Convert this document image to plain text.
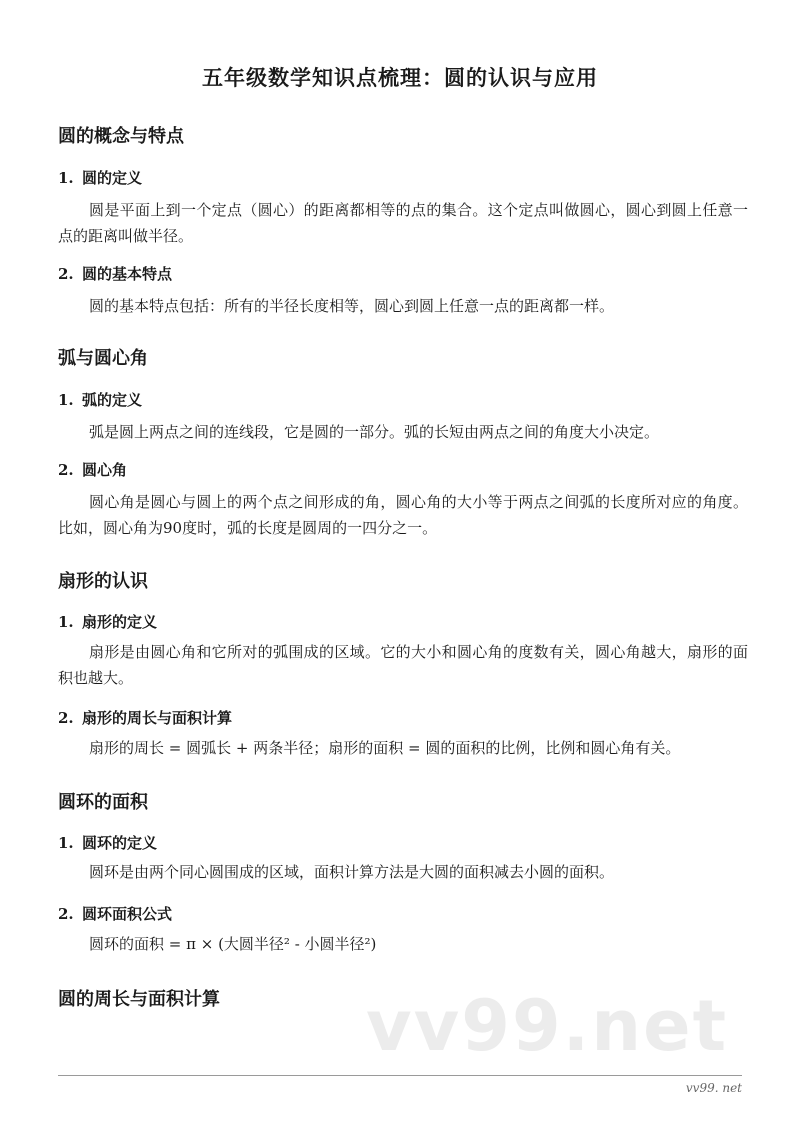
五年级数学知识点梳理：圆的认识与应用
圆的概念与特点
1. 圆的定义
圆是平面上到一个定点（圆心）的距离都相等的点的集合。这个定点叫做圆心，圆心到圆上任意一点的距离叫做半径。
2. 圆的基本特点
圆的基本特点包括：所有的半径长度相等，圆心到圆上任意一点的距离都一样。
弧与圆心角
1. 弧的定义
弧是圆上两点之间的连线段，它是圆的一部分。弧的长短由两点之间的角度大小决定。
2. 圆心角
圆心角是圆心与圆上的两个点之间形成的角，圆心角的大小等于两点之间弧的长度所对应的角度。比如，圆心角为90度时，弧的长度是圆周的一四分之一。
扇形的认识
1. 扇形的定义
扇形是由圆心角和它所对的弧围成的区域。它的大小和圆心角的度数有关，圆心角越大，扇形的面积也越大。
2. 扇形的周长与面积计算
扇形的周长 = 圆弧长 + 两条半径；扇形的面积 = 圆的面积的比例，比例和圆心角有关。
圆环的面积
1. 圆环的定义
圆环是由两个同心圆围成的区域，面积计算方法是大圆的面积减去小圆的面积。
2. 圆环面积公式
圆环的面积 = π × (大圆半径² - 小圆半径²)
圆的周长与面积计算 vv99.net
vv99. net
